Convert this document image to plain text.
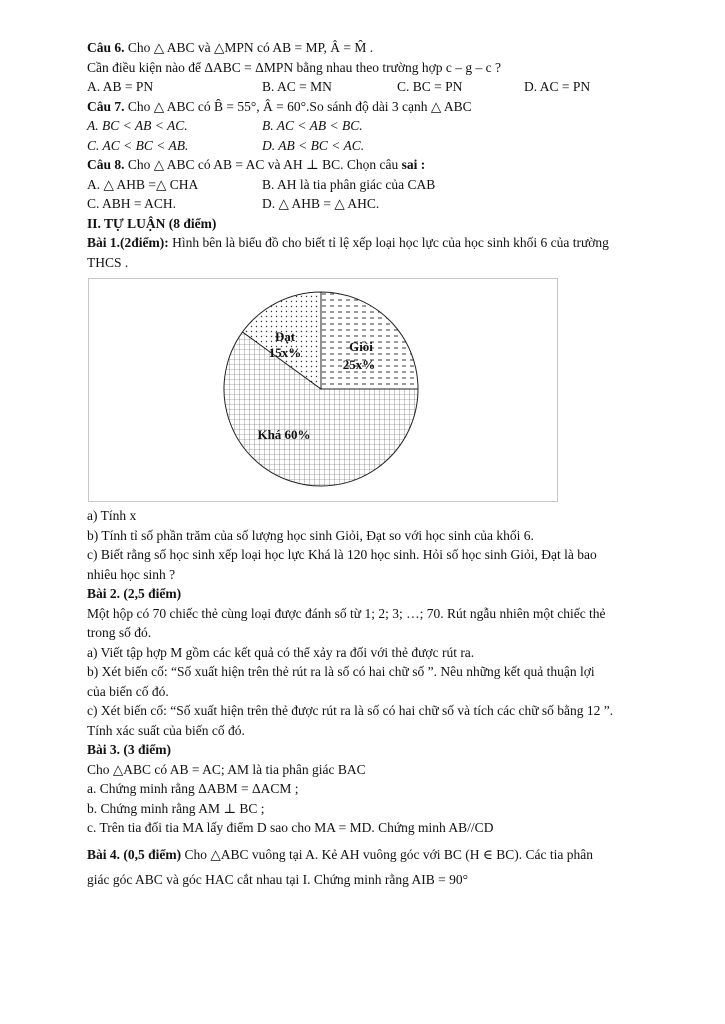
Câu 6. Cho △ ABC và △MPN có AB = MP, Â = M̂ .
Cần điều kiện nào để ΔABC = ΔMPN bằng nhau theo trường hợp c – g – c ?
A. AB = PN	B. AC = MN	C. BC = PN	D. AC = PN
Câu 7. Cho △ ABC có B̂ = 55°, Â = 60°.So sánh độ dài 3 cạnh △ ABC
A. BC < AB < AC.	B. AC < AB < BC.
C. AC < BC < AB.	D. AB < BC < AC.
Câu 8. Cho △ ABC có AB = AC và AH ⊥ BC. Chọn câu sai :
A. △ AHB =△ CHA	B. AH là tia phân giác của CAB
C. ABH = ACH.	D. △ AHB = △ AHC.
II. TỰ LUẬN (8 điểm)
Bài 1.(2điểm): Hình bên là biểu đồ cho biết tỉ lệ xếp loại học lực của học sinh khối 6 của trường
THCS .
Giỏi
25x%
Khá 60%
Đạt
15x%
a) Tính x
b) Tính tỉ số phần trăm của số lượng học sinh Giỏi, Đạt so với học sinh của khối 6.
c) Biết rằng số học sinh xếp loại học lực Khá là 120 học sinh. Hỏi số học sinh Giỏi, Đạt là bao
nhiêu học sinh ?
Bài 2. (2,5 điểm)
Một hộp có 70 chiếc thẻ cùng loại được đánh số từ 1; 2; 3; …; 70. Rút ngẫu nhiên một chiếc thẻ
trong số đó.
a) Viết tập hợp M gồm các kết quả có thể xảy ra đối với thẻ được rút ra.
b) Xét biến cố: “Số xuất hiện trên thẻ rút ra là số có hai chữ số ”. Nêu những kết quả thuận lợi
của biến cố đó.
c) Xét biến cố: “Số xuất hiện trên thẻ được rút ra là số có hai chữ số và tích các chữ số bằng 12 ”.
Tính xác suất của biến cố đó.
Bài 3. (3 điểm)
Cho △ABC có AB = AC; AM là tia phân giác BAC
a. Chứng minh rằng ΔABM = ΔACM ;
b. Chứng minh rằng AM ⊥ BC ;
c. Trên tia đối tia MA lấy điểm D sao cho MA = MD. Chứng minh AB//CD
Bài 4. (0,5 điểm) Cho △ABC vuông tại A. Kẻ AH vuông góc với BC (H ∈ BC). Các tia phân
giác góc ABC và góc HAC cắt nhau tại I. Chứng minh rằng AIB = 90°
